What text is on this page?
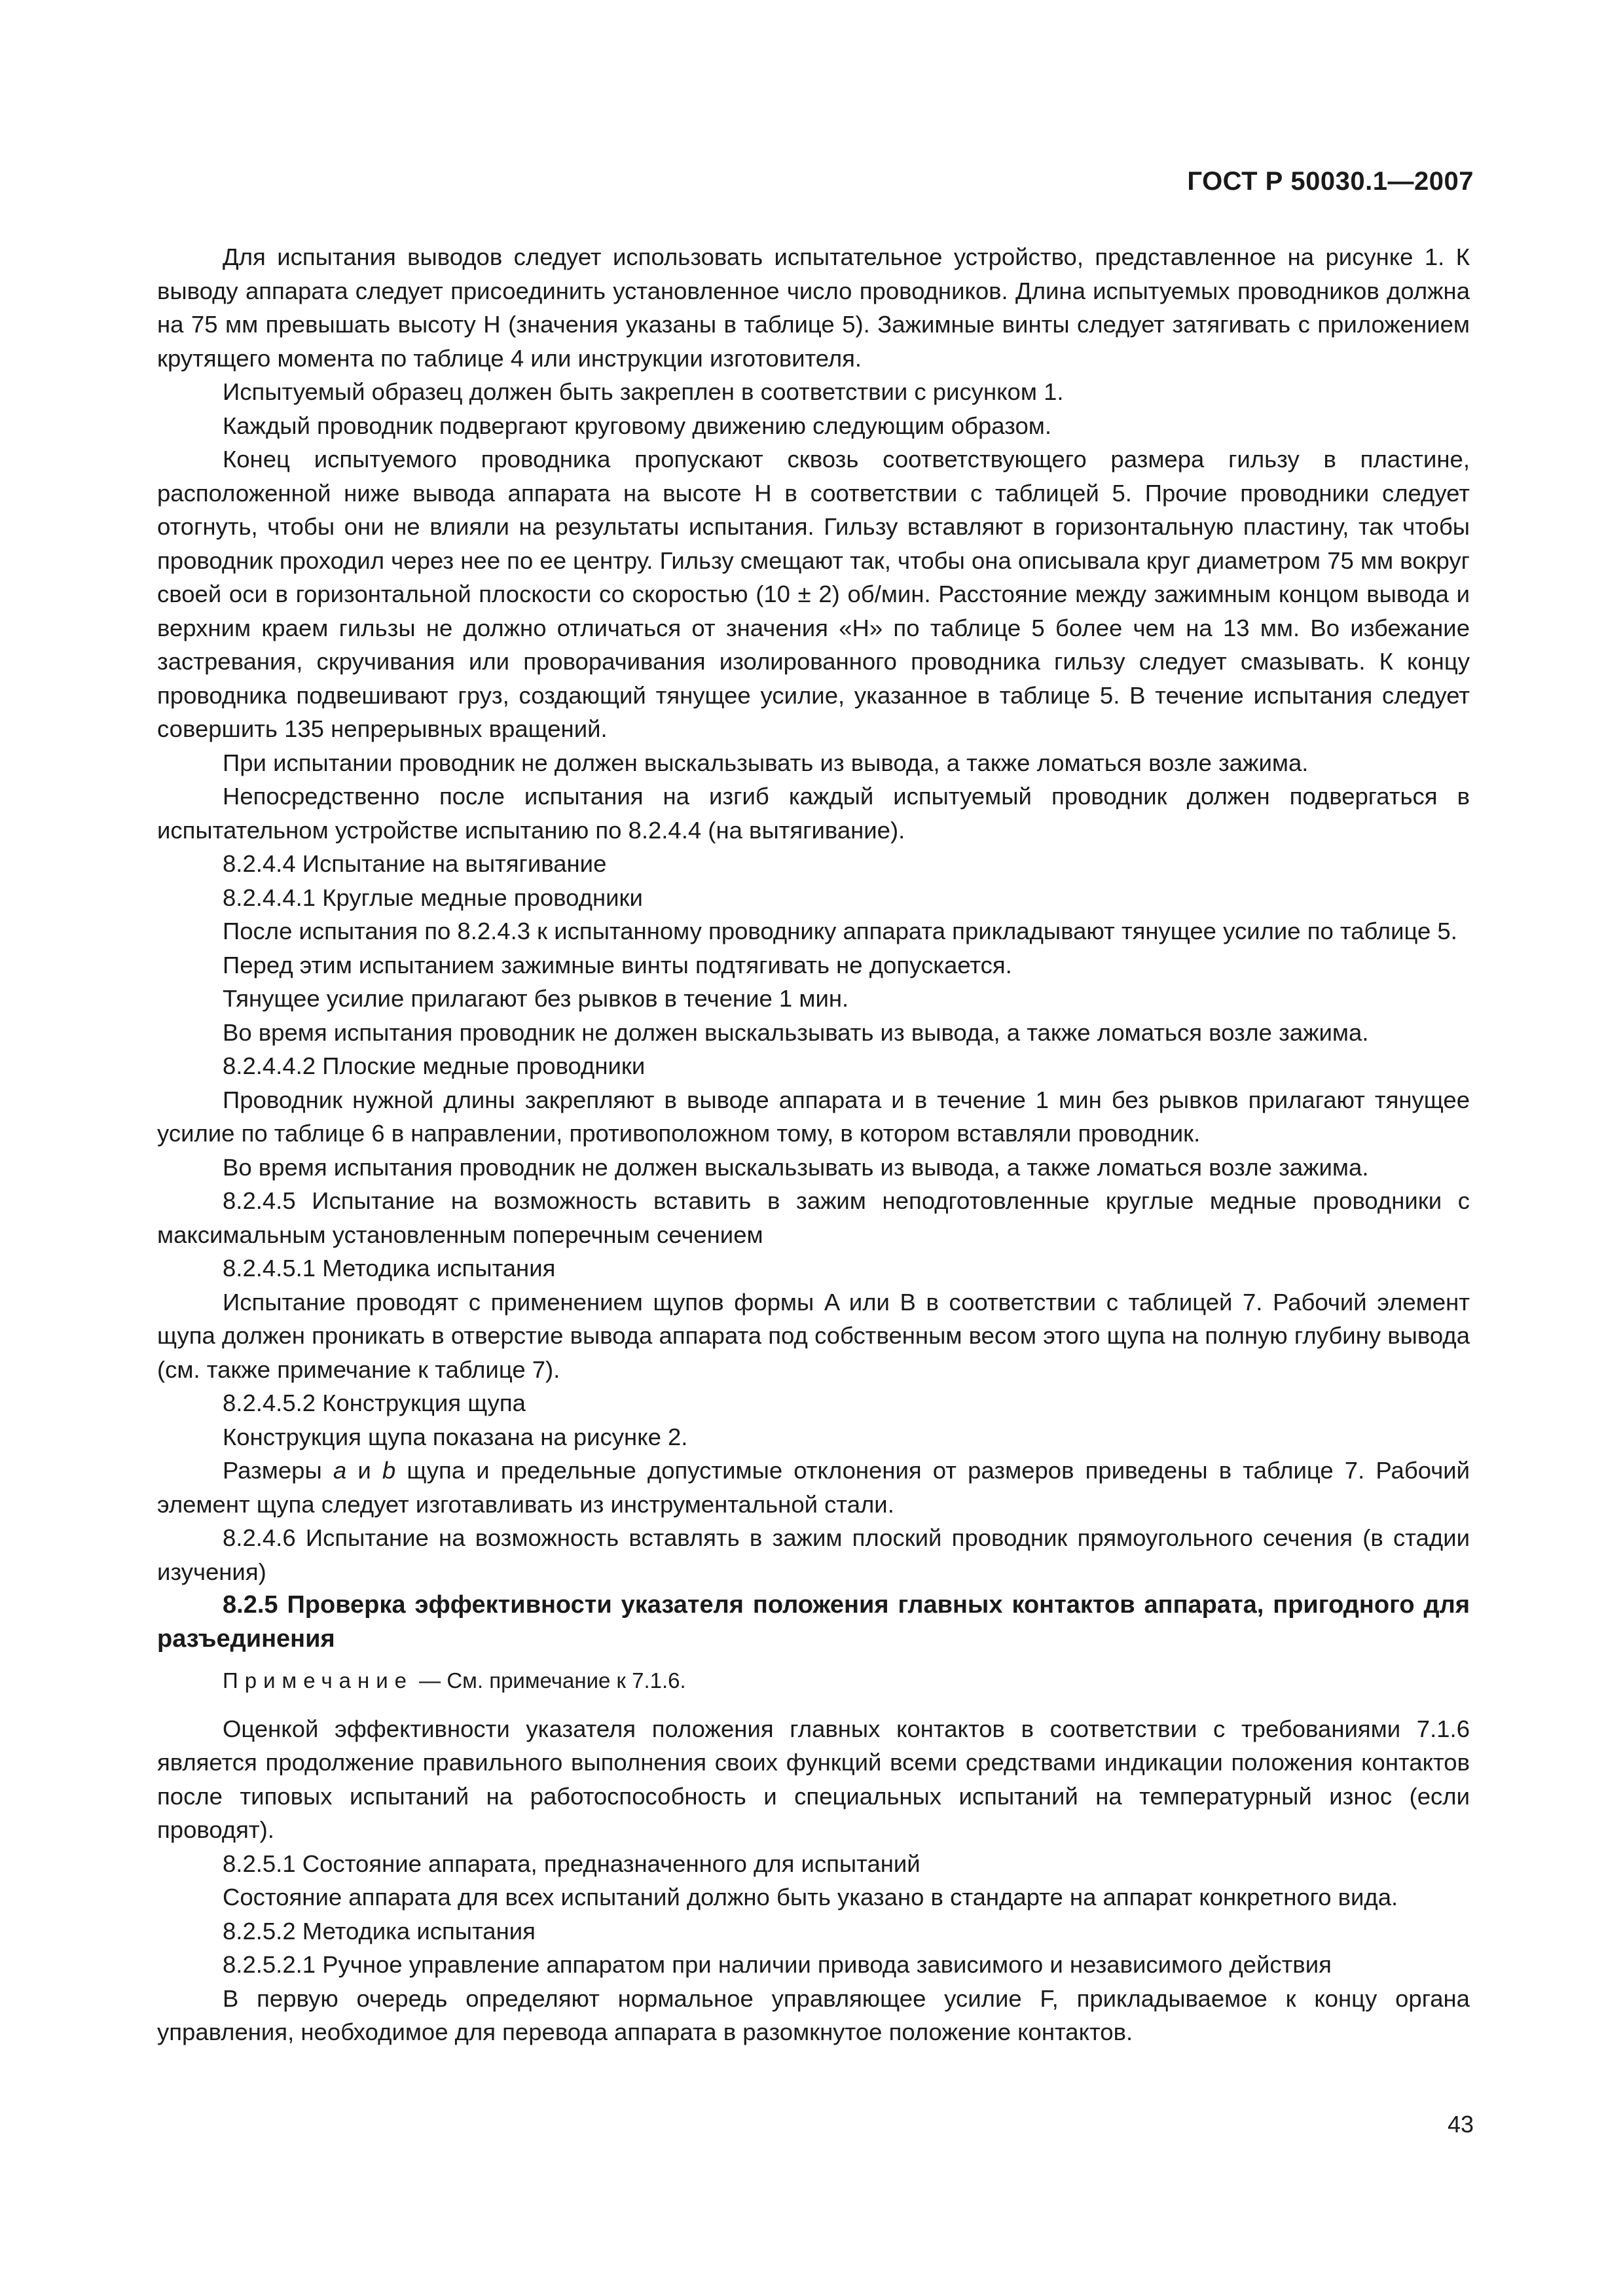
ГОСТ Р 50030.1—2007

Для испытания выводов следует использовать испытательное устройство, представленное на рисунке 1. К выводу аппарата следует присоединить установленное число проводников. Длина испытуемых проводников должна на 75 мм превышать высоту H (значения указаны в таблице 5). Зажимные винты следует затягивать с приложением крутящего момента по таблице 4 или инструкции изготовителя.

Испытуемый образец должен быть закреплен в соответствии с рисунком 1.

Каждый проводник подвергают круговому движению следующим образом.

Конец испытуемого проводника пропускают сквозь соответствующего размера гильзу в пластине, расположенной ниже вывода аппарата на высоте H в соответствии с таблицей 5. Прочие проводники следует отогнуть, чтобы они не влияли на результаты испытания. Гильзу вставляют в горизонтальную пластину, так чтобы проводник проходил через нее по ее центру. Гильзу смещают так, чтобы она описывала круг диаметром 75 мм вокруг своей оси в горизонтальной плоскости со скоростью (10 ± 2) об/мин. Расстояние между зажимным концом вывода и верхним краем гильзы не должно отличаться от значения «H» по таблице 5 более чем на 13 мм. Во избежание застревания, скручивания или проворачивания изолированного проводника гильзу следует смазывать. К концу проводника подвешивают груз, создающий тянущее усилие, указанное в таблице 5. В течение испытания следует совершить 135 непрерывных вращений.

При испытании проводник не должен выскальзывать из вывода, а также ломаться возле зажима.

Непосредственно после испытания на изгиб каждый испытуемый проводник должен подвергаться в испытательном устройстве испытанию по 8.2.4.4 (на вытягивание).

8.2.4.4 Испытание на вытягивание

8.2.4.4.1 Круглые медные проводники

После испытания по 8.2.4.3 к испытанному проводнику аппарата прикладывают тянущее усилие по таблице 5.

Перед этим испытанием зажимные винты подтягивать не допускается.

Тянущее усилие прилагают без рывков в течение 1 мин.

Во время испытания проводник не должен выскальзывать из вывода, а также ломаться возле зажима.

8.2.4.4.2 Плоские медные проводники

Проводник нужной длины закрепляют в выводе аппарата и в течение 1 мин без рывков прилагают тянущее усилие по таблице 6 в направлении, противоположном тому, в котором вставляли проводник.

Во время испытания проводник не должен выскальзывать из вывода, а также ломаться возле зажима.

8.2.4.5 Испытание на возможность вставить в зажим неподготовленные круглые медные проводники с максимальным установленным поперечным сечением

8.2.4.5.1 Методика испытания

Испытание проводят с применением щупов формы A или B в соответствии с таблицей 7. Рабочий элемент щупа должен проникать в отверстие вывода аппарата под собственным весом этого щупа на полную глубину вывода (см. также примечание к таблице 7).

8.2.4.5.2 Конструкция щупа

Конструкция щупа показана на рисунке 2.

Размеры a и b щупа и предельные допустимые отклонения от размеров приведены в таблице 7. Рабочий элемент щупа следует изготавливать из инструментальной стали.

8.2.4.6 Испытание на возможность вставлять в зажим плоский проводник прямоугольного сечения (в стадии изучения)

8.2.5 Проверка эффективности указателя положения главных контактов аппарата, пригодного для разъединения

Примечание — См. примечание к 7.1.6.

Оценкой эффективности указателя положения главных контактов в соответствии с требованиями 7.1.6 является продолжение правильного выполнения своих функций всеми средствами индикации положения контактов после типовых испытаний на работоспособность и специальных испытаний на температурный износ (если проводят).

8.2.5.1 Состояние аппарата, предназначенного для испытаний

Состояние аппарата для всех испытаний должно быть указано в стандарте на аппарат конкретного вида.

8.2.5.2 Методика испытания

8.2.5.2.1 Ручное управление аппаратом при наличии привода зависимого и независимого действия

В первую очередь определяют нормальное управляющее усилие F, прикладываемое к концу органа управления, необходимое для перевода аппарата в разомкнутое положение контактов.

43
